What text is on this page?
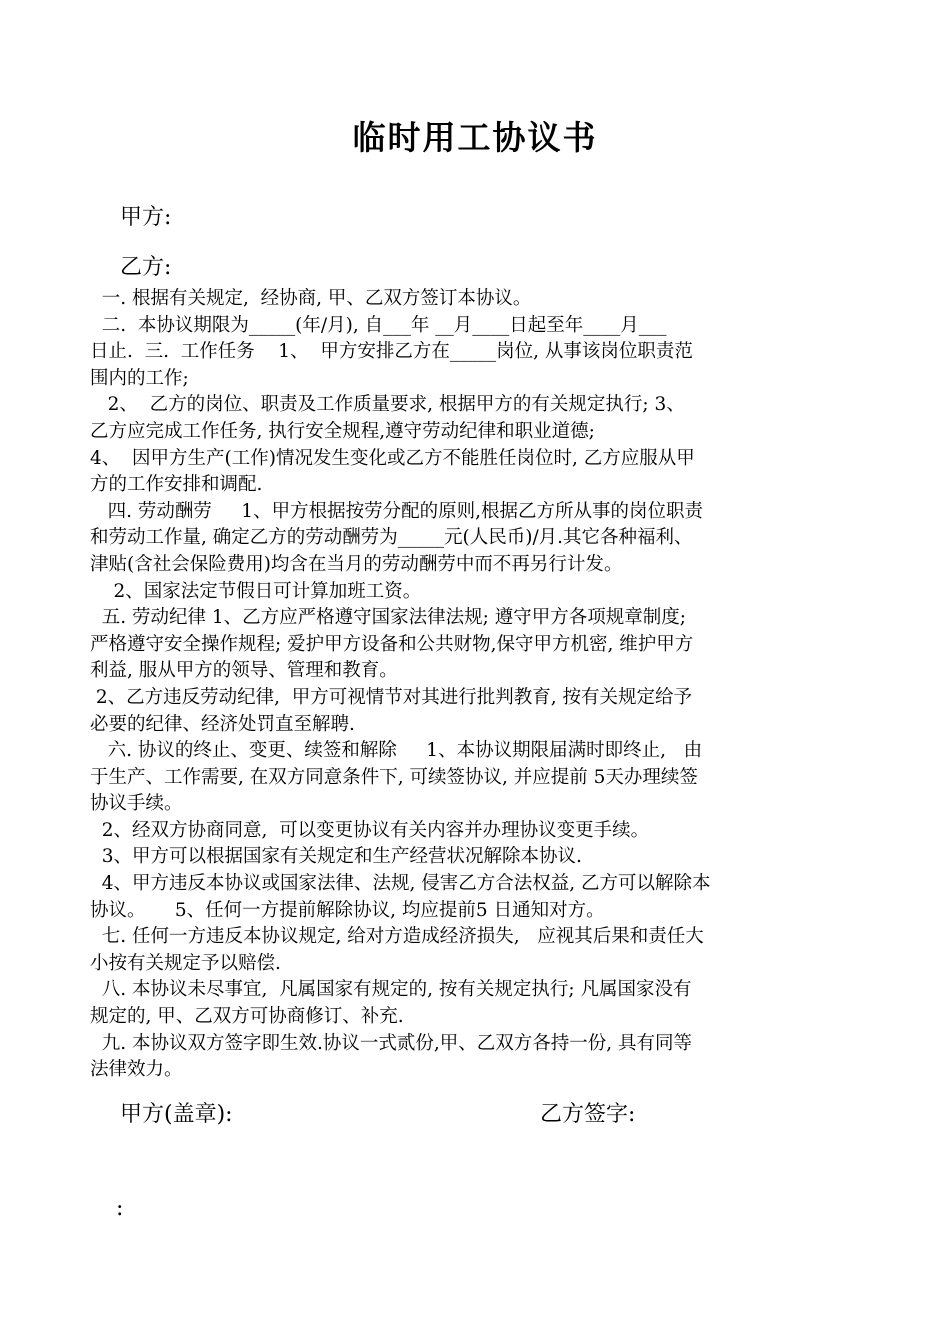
临时用工协议书
甲方:
乙方:
一. 根据有关规定,  经协商, 甲、乙双方签订本协议。
二.  本协议期限为_____(年/月), 自___年 __月____日起至年____月___
日止.  三.  工作任务    1、  甲方安排乙方在_____岗位, 从事该岗位职责范
围内的工作;
2、  乙方的岗位、职责及工作质量要求, 根据甲方的有关规定执行; 3、
乙方应完成工作任务, 执行安全规程,遵守劳动纪律和职业道德;
4、  因甲方生产(工作)情况发生变化或乙方不能胜任岗位时, 乙方应服从甲
方的工作安排和调配.
四. 劳动酬劳     1、甲方根据按劳分配的原则,根据乙方所从事的岗位职责
和劳动工作量, 确定乙方的劳动酬劳为_____元(人民币)/月.其它各种福利、
津贴(含社会保险费用)均含在当月的劳动酬劳中而不再另行计发。
2、国家法定节假日可计算加班工资。
五. 劳动纪律 1、乙方应严格遵守国家法律法规; 遵守甲方各项规章制度;
严格遵守安全操作规程; 爱护甲方设备和公共财物,保守甲方机密, 维护甲方
利益, 服从甲方的领导、管理和教育。
2、乙方违反劳动纪律,  甲方可视情节对其进行批判教育, 按有关规定给予
必要的纪律、经济处罚直至解聘.
六. 协议的终止、变更、续签和解除     1、本协议期限届满时即终止,   由
于生产、工作需要, 在双方同意条件下, 可续签协议, 并应提前 5天办理续签
协议手续。
2、经双方协商同意,  可以变更协议有关内容并办理协议变更手续。
3、甲方可以根据国家有关规定和生产经营状况解除本协议.
4、甲方违反本协议或国家法律、法规, 侵害乙方合法权益, 乙方可以解除本
协议。     5、任何一方提前解除协议, 均应提前5 日通知对方。
七. 任何一方违反本协议规定, 给对方造成经济损失,   应视其后果和责任大
小按有关规定予以赔偿.
八. 本协议未尽事宜,  凡属国家有规定的, 按有关规定执行; 凡属国家没有
规定的, 甲、乙双方可协商修订、补充.
九. 本协议双方签字即生效.协议一式贰份,甲、乙双方各持一份, 具有同等
法律效力。
甲方(盖章):	乙方签字:
:
